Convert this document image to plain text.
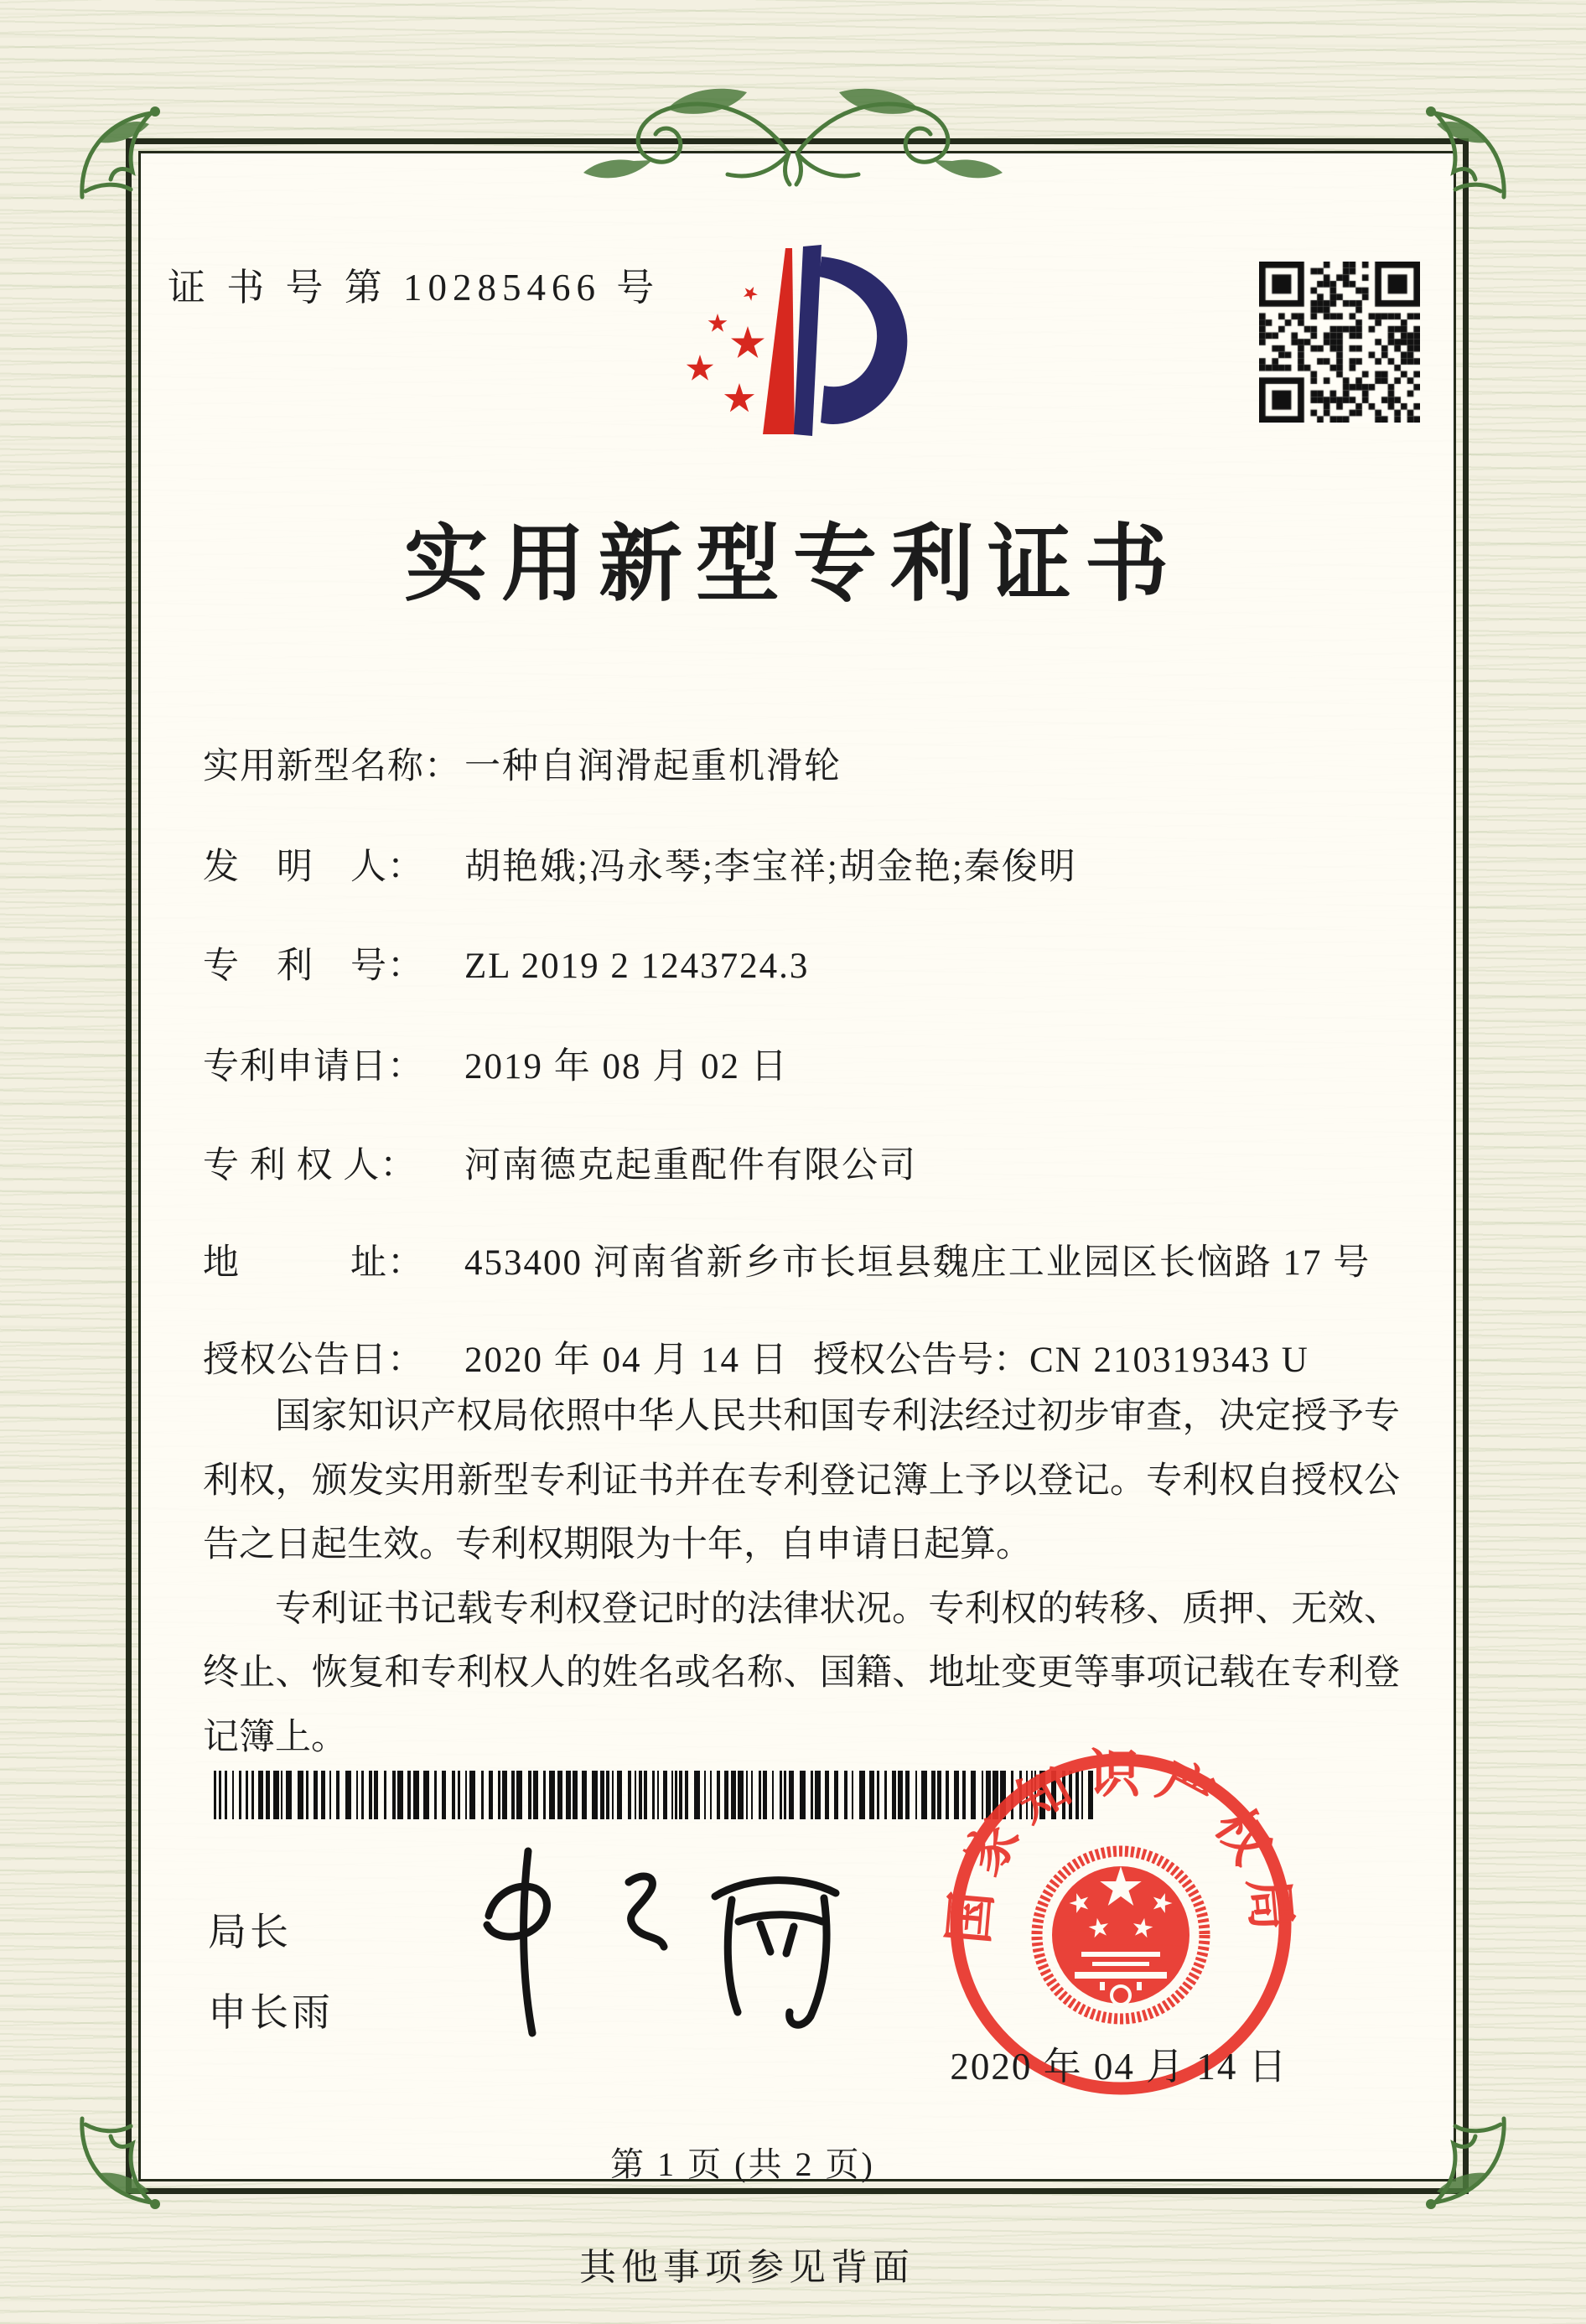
证 书 号 第 10285466 号
实用新型专利证书
实用新型名称：一种自润滑起重机滑轮
发　明　人： 胡艳娥;冯永琴;李宝祥;胡金艳;秦俊明
专　利　号： ZL 2019 2 1243724.3
专利申请日： 2019 年 08 月 02 日
专 利 权 人： 河南德克起重配件有限公司
地　　　址： 453400 河南省新乡市长垣县魏庄工业园区长恼路 17 号
授权公告日： 2020 年 04 月 14 日 授权公告号：CN 210319343 U

国家知识产权局依照中华人民共和国专利法经过初步审查，决定授予专利权，颁发实用新型专利证书并在专利登记簿上予以登记。专利权自授权公告之日起生效。专利权期限为十年，自申请日起算。

专利证书记载专利权登记时的法律状况。专利权的转移、质押、无效、终止、恢复和专利权人的姓名或名称、国籍、地址变更等事项记载在专利登记簿上。

局长
申长雨
国家知识产权局
2020 年 04 月 14 日
第 1 页 (共 2 页)
其他事项参见背面
